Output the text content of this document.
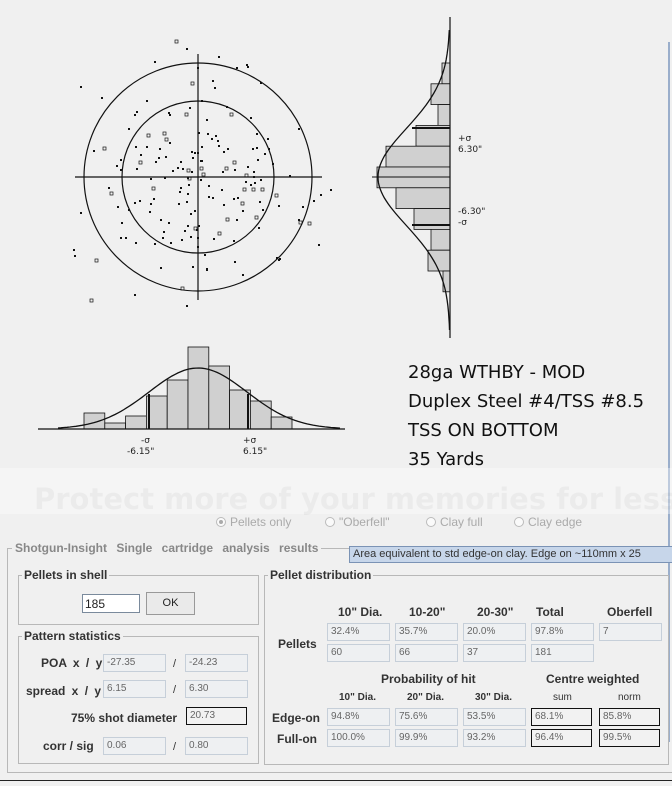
+σ
6.30"
-6.30"
-σ
-σ
-6.15"
+σ
6.15"
28ga WTHBY - MOD
Duplex Steel #4/TSS #8.5
TSS ON BOTTOM
35 Yards
Pellets only	"Oberfell"	Clay full	Clay edge
Shotgun-Insight Single cartridge analysis results	Area equivalent to std edge-on clay. Edge on ~110mm x 25
Pellets in shell
185
OK
Pattern statistics
POA x / y -27.35	/	-24.23
spread x / y 6.15	/	6.30
75% shot diameter	20.73
corr / sig	0.06	/	0.80
Pellet distribution
10" Dia. 10-20"	20-30" Total	Oberfell
Pellets
32.4%	35.7%	20.0%	97.8%	7
60	66	37	181
Probability of hit	Centre weighted
10" Dia.	20" Dia.	30" Dia.	sum	norm
Edge-on	94.8%	75.6%	53.5%	68.1%	85.8%
Full-on	100.0%	99.9%	93.2%	96.4%	99.5%
